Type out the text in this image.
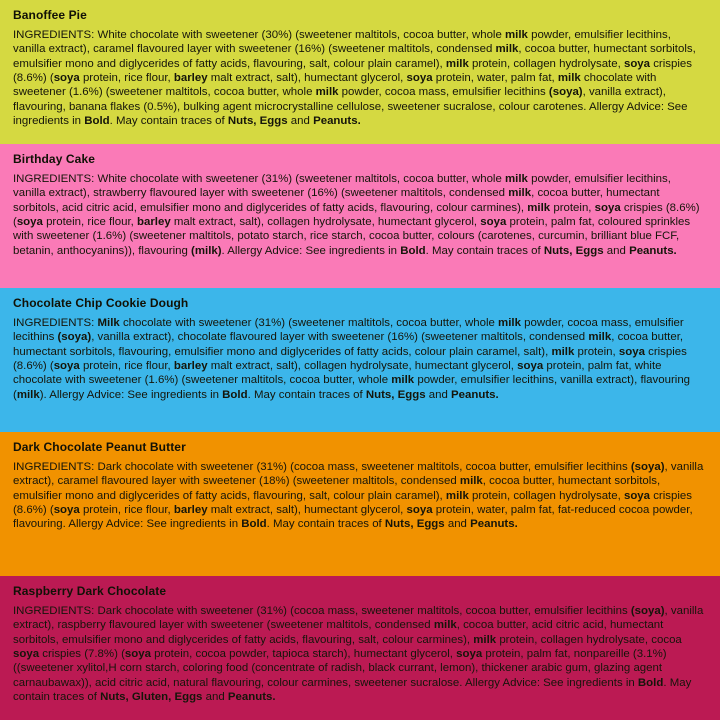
Banoffee Pie

INGREDIENTS: White chocolate with sweetener (30%) (sweetener maltitols, cocoa butter, whole milk powder, emulsifier lecithins, vanilla extract), caramel flavoured layer with sweetener (16%) (sweetener maltitols, condensed milk, cocoa butter, humectant sorbitols, emulsifier mono and diglycerides of fatty acids, flavouring, salt, colour plain caramel), milk protein, collagen hydrolysate, soya crispies (8.6%) (soya protein, rice flour, barley malt extract, salt), humectant glycerol, soya protein, water, palm fat, milk chocolate with sweetener (1.6%) (sweetener maltitols, cocoa butter, whole milk powder, cocoa mass, emulsifier lecithins (soya), vanilla extract), flavouring, banana flakes (0.5%), bulking agent microcrystalline cellulose, sweetener sucralose, colour carotenes. Allergy Advice: See ingredients in Bold. May contain traces of Nuts, Eggs and Peanuts.

Birthday Cake

INGREDIENTS: White chocolate with sweetener (31%) (sweetener maltitols, cocoa butter, whole milk powder, emulsifier lecithins, vanilla extract), strawberry flavoured layer with sweetener (16%) (sweetener maltitols, condensed milk, cocoa butter, humectant sorbitols, acid citric acid, emulsifier mono and diglycerides of fatty acids, flavouring, colour carmines), milk protein, soya crispies (8.6%) (soya protein, rice flour, barley malt extract, salt), collagen hydrolysate, humectant glycerol, soya protein, palm fat, coloured sprinkles with sweetener (1.6%) (sweetener maltitols, potato starch, rice starch, cocoa butter, colours (carotenes, curcumin, brilliant blue FCF, betanin, anthocyanins)), flavouring (milk). Allergy Advice: See ingredients in Bold. May contain traces of Nuts, Eggs and Peanuts.

Chocolate Chip Cookie Dough

INGREDIENTS: Milk chocolate with sweetener (31%) (sweetener maltitols, cocoa butter, whole milk powder, cocoa mass, emulsifier lecithins (soya), vanilla extract), chocolate flavoured layer with sweetener (16%) (sweetener maltitols, condensed milk, cocoa butter, humectant sorbitols, flavouring, emulsifier mono and diglycerides of fatty acids, colour plain caramel, salt), milk protein, soya crispies (8.6%) (soya protein, rice flour, barley malt extract, salt), collagen hydrolysate, humectant glycerol, soya protein, palm fat, white chocolate with sweetener (1.6%) (sweetener maltitols, cocoa butter, whole milk powder, emulsifier lecithins, vanilla extract), flavouring (milk). Allergy Advice: See ingredients in Bold. May contain traces of Nuts, Eggs and Peanuts.

Dark Chocolate Peanut Butter

INGREDIENTS: Dark chocolate with sweetener (31%) (cocoa mass, sweetener maltitols, cocoa butter, emulsifier lecithins (soya), vanilla extract), caramel flavoured layer with sweetener (18%) (sweetener maltitols, condensed milk, cocoa butter, humectant sorbitols, emulsifier mono and diglycerides of fatty acids, flavouring, salt, colour plain caramel), milk protein, collagen hydrolysate, soya crispies (8.6%) (soya protein, rice flour, barley malt extract, salt), humectant glycerol, soya protein, water, palm fat, fat-reduced cocoa powder, flavouring. Allergy Advice: See ingredients in Bold. May contain traces of Nuts, Eggs and Peanuts.

Raspberry Dark Chocolate

INGREDIENTS: Dark chocolate with sweetener (31%) (cocoa mass, sweetener maltitols, cocoa butter, emulsifier lecithins (soya), vanilla extract), raspberry flavoured layer with sweetener (sweetener maltitols, condensed milk, cocoa butter, acid citric acid, humectant sorbitols, emulsifier mono and diglycerides of fatty acids, flavouring, salt, colour carmines), milk protein, collagen hydrolysate, cocoa soya crispies (7.8%) (soya protein, cocoa powder, tapioca starch), humectant glycerol, soya protein, palm fat, nonpareille (3.1%) ((sweetener xylitol,H corn starch, coloring food (concentrate of radish, black currant, lemon), thickener arabic gum, glazing agent carnaubawax)), acid citric acid, natural flavouring, colour carmines, sweetener sucralose. Allergy Advice: See ingredients in Bold. May contain traces of Nuts, Gluten, Eggs and Peanuts.
